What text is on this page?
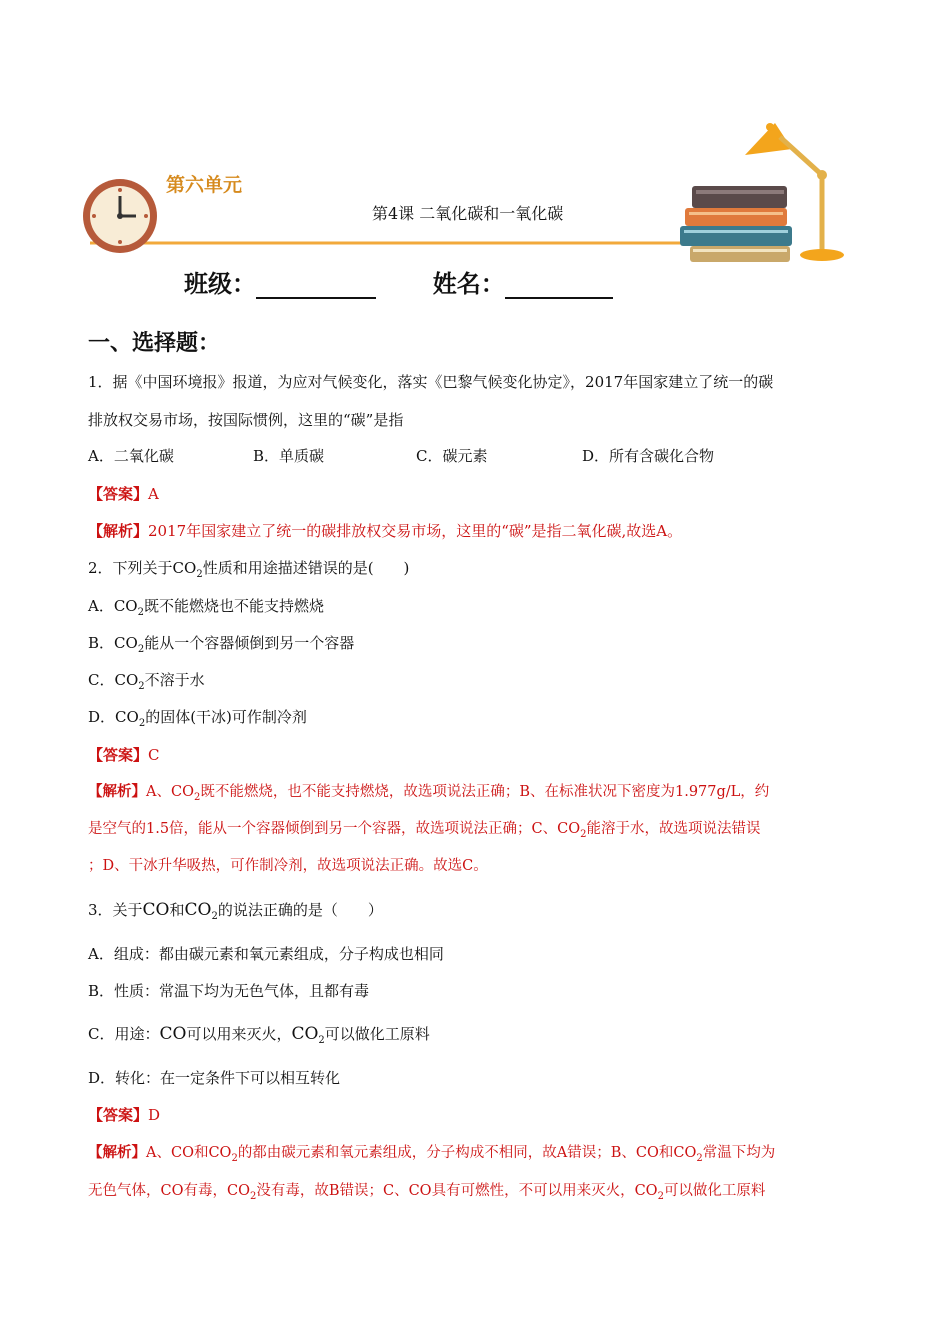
第六单元
第4课 二氧化碳和一氧化碳
班级：	姓名：
一、选择题：
1．据《中国环境报》报道，为应对气候变化，落实《巴黎气候变化协定》，2017年国家建立了统一的碳
排放权交易市场，按国际惯例，这里的“碳”是指
A．二氧化碳	B．单质碳	C．碳元素	D．所有含碳化合物
【答案】A
【解析】2017年国家建立了统一的碳排放权交易市场，这里的“碳”是指二氧化碳,故选A。
2．下列关于$CO_2$性质和用途描述错误的是(　　)
A．$CO_2$既不能燃烧也不能支持燃烧
B．$CO_2$能从一个容器倾倒到另一个容器
C．$CO_2$不溶于水
D．$CO_2$的固体(干冰)可作制冷剂
【答案】C
【解析】A、$CO_2$既不能燃烧，也不能支持燃烧，故选项说法正确；B、在标准状况下密度为1.977g/L，约
是空气的1.5倍，能从一个容器倾倒到另一个容器，故选项说法正确；C、$CO_2$能溶于水，故选项说法错误
；D、干冰升华吸热，可作制冷剂，故选项说法正确。故选C。
3．关于CO和$CO_2$的说法正确的是（　　）
A．组成：都由碳元素和氧元素组成，分子构成也相同
B．性质：常温下均为无色气体，且都有毒
C．用途：CO可以用来灭火，$CO_2$可以做化工原料
D．转化：在一定条件下可以相互转化
【答案】D
【解析】A、CO和$CO_2$的都由碳元素和氧元素组成，分子构成不相同，故A错误；B、CO和$CO_2$常温下均为
无色气体，CO有毒，$CO_2$没有毒，故B错误；C、CO具有可燃性，不可以用来灭火，$CO_2$可以做化工原料
